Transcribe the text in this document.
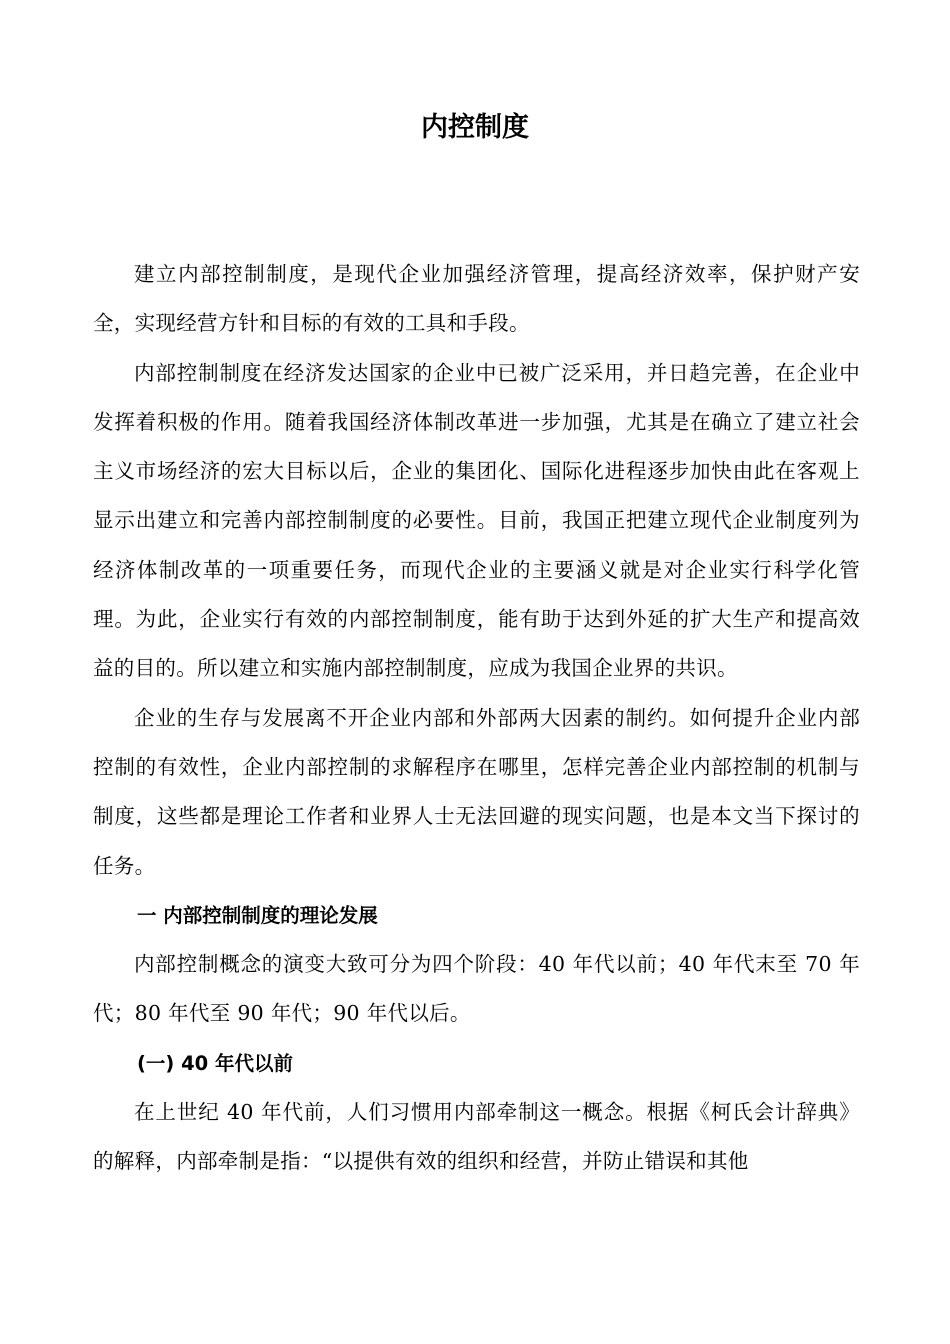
内控制度

建立内部控制制度，是现代企业加强经济管理，提高经济效率，保护财产安全，实现经营方针和目标的有效的工具和手段。

内部控制制度在经济发达国家的企业中已被广泛采用，并日趋完善，在企业中发挥着积极的作用。随着我国经济体制改革进一步加强，尤其是在确立了建立社会主义市场经济的宏大目标以后，企业的集团化、国际化进程逐步加快由此在客观上显示出建立和完善内部控制制度的必要性。目前，我国正把建立现代企业制度列为经济体制改革的一项重要任务，而现代企业的主要涵义就是对企业实行科学化管理。为此，企业实行有效的内部控制制度，能有助于达到外延的扩大生产和提高效益的目的。所以建立和实施内部控制制度，应成为我国企业界的共识。

企业的生存与发展离不开企业内部和外部两大因素的制约。如何提升企业内部控制的有效性，企业内部控制的求解程序在哪里，怎样完善企业内部控制的机制与制度，这些都是理论工作者和业界人士无法回避的现实问题，也是本文当下探讨的任务。

一 内部控制制度的理论发展

内部控制概念的演变大致可分为四个阶段：40 年代以前；40 年代末至 70 年代；80 年代至 90 年代；90 年代以后。

(一) 40 年代以前

在上世纪 40 年代前，人们习惯用内部牵制这一概念。根据《柯氏会计辞典》的解释，内部牵制是指：“以提供有效的组织和经营，并防止错误和其他
